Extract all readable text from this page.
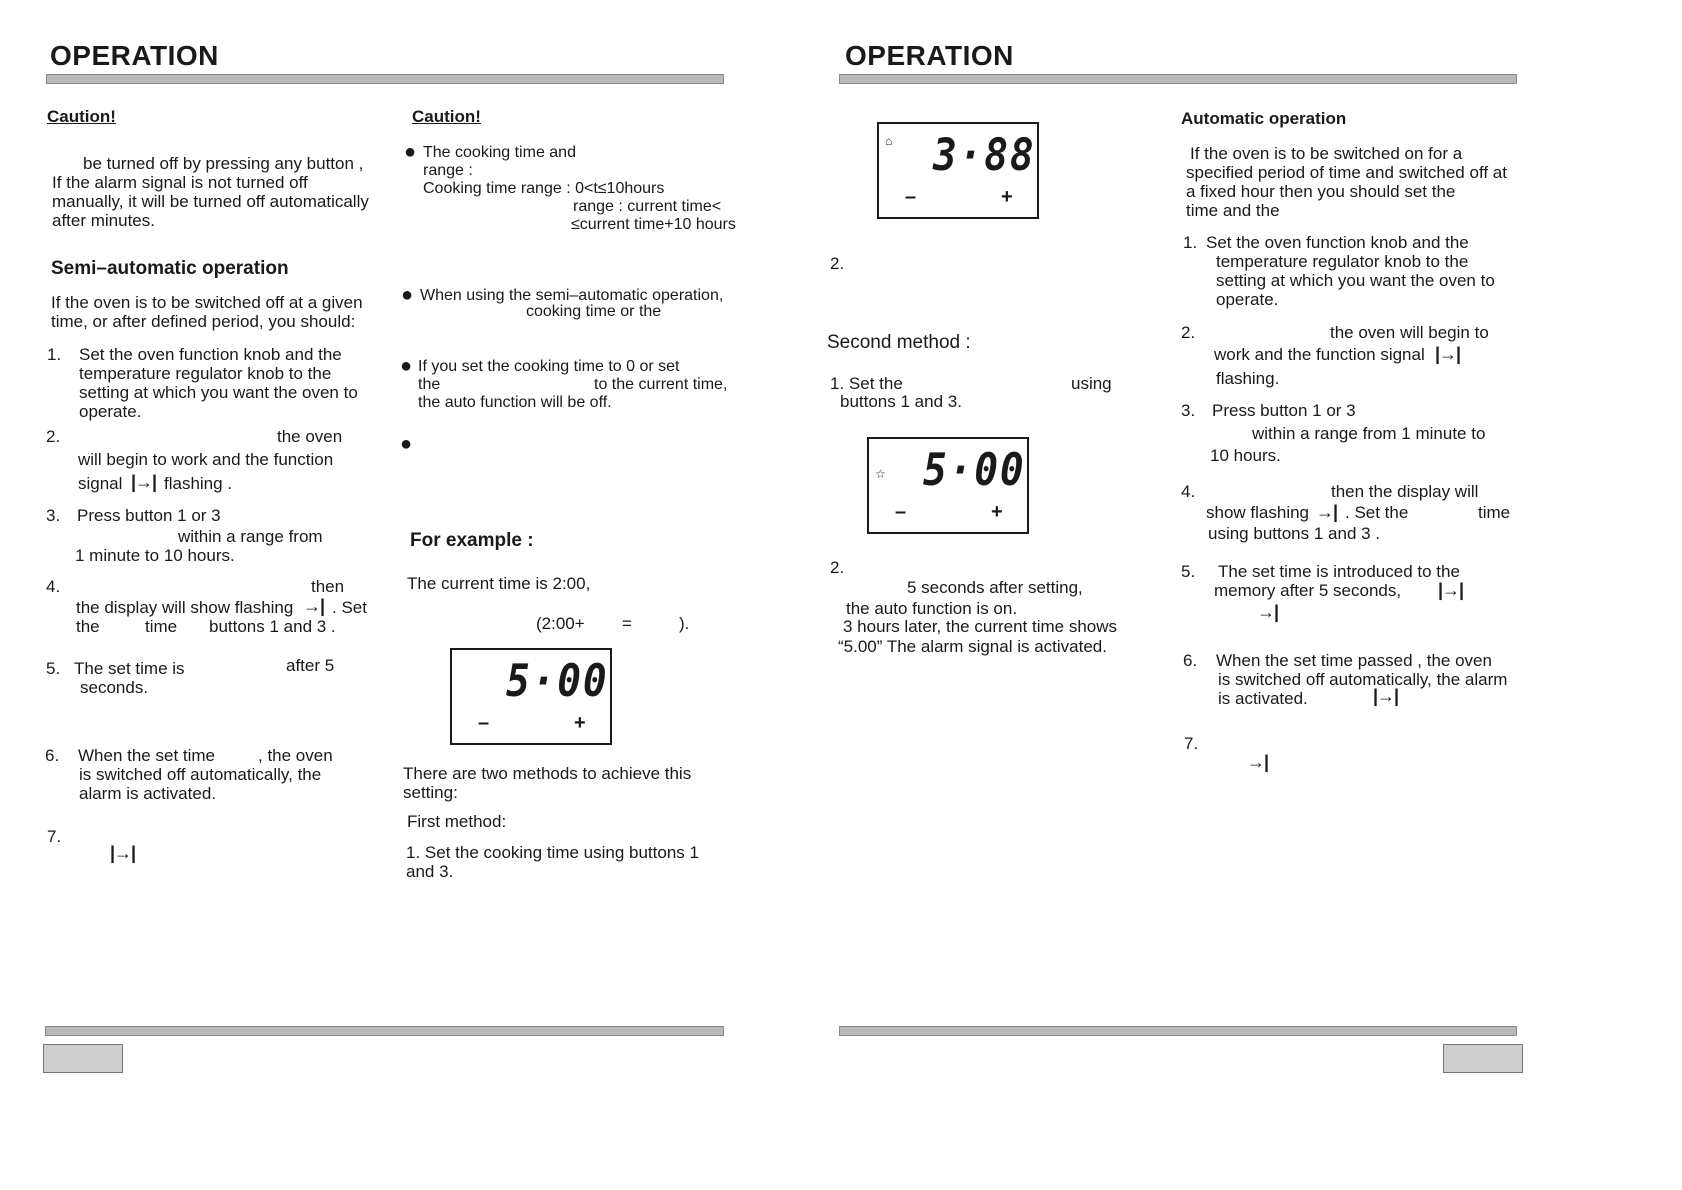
OPERATION
Caution!
be turned off by pressing any button ,
If the alarm signal is not turned off
manually, it will be turned off automatically
after minutes.
Semi–automatic operation
If the oven is to be switched off at a given
time, or after defined period, you should:
1. Set the oven function knob and the
temperature regulator knob to the
setting at which you want the oven to
operate.
2.	the oven
will begin to work and the function
signal |→| flashing .
3. Press button 1 or 3
within a range from
1 minute to 10 hours.
4.	then
the display will show flashing →| . Set
the	time buttons 1 and 3 .
5. The set time is	after 5
seconds.
6. When the set time	, the oven
is switched off automatically, the
alarm is activated.
7.
|→|
Caution!
● The cooking time and
range :
Cooking time range : 0<t≤10hours
range : current time<
≤current time+10 hours
● When using the semi–automatic operation,
cooking time or the
● If you set the cooking time to 0 or set
the	to the current time,
the auto function will be off.
●
For example :
The current time is 2:00,
(2:00+ =	).
5·00
–	+
There are two methods to achieve this
setting:
First method:
1. Set the cooking time using buttons 1
and 3.
OPERATION
⌂ 3·88
–	+
2.
Second method :
1. Set the	using
buttons 1 and 3.
☆ 5·00
–	+
2.
5 seconds after setting,
the auto function is on.
3 hours later, the current time shows
“5.00” The alarm signal is activated.
Automatic operation
If the oven is to be switched on for a
specified period of time and switched off at
a fixed hour then you should set the
time and the
1. Set the oven function knob and the
temperature regulator knob to the
setting at which you want the oven to
operate.
2.	the oven will begin to
work and the function signal |→|
flashing.
3. Press button 1 or 3
within a range from 1 minute to
10 hours.
4.	then the display will
show flashing →| . Set the	time
using buttons 1 and 3 .
5. The set time is introduced to the
memory after 5 seconds, |→|
→|
6. When the set time passed , the oven
is switched off automatically, the alarm
is activated.	|→|
7.
→|
